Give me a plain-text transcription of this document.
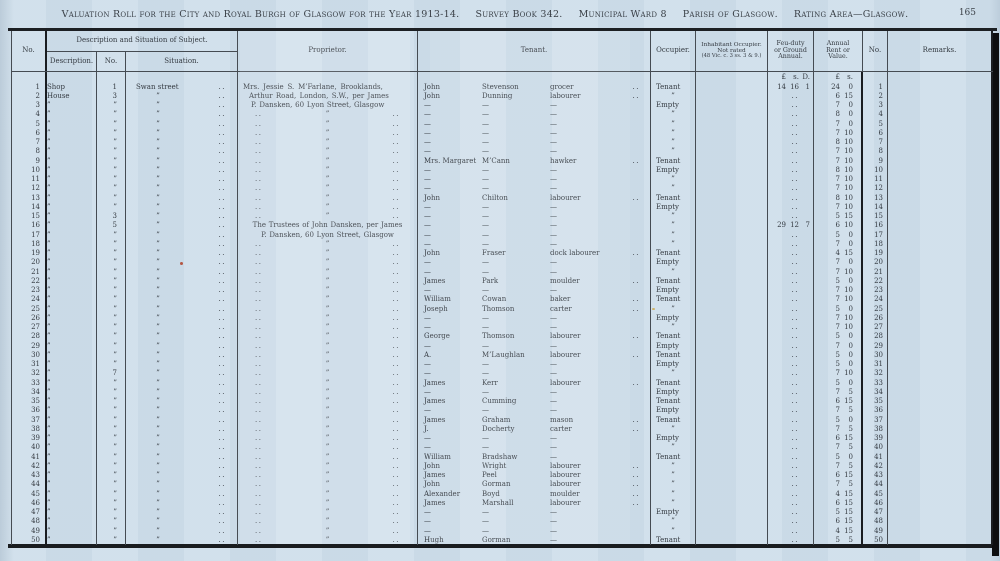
Valuation Roll for the City and Royal Burgh of Glasgow for the Year 1913-14. Survey Book 342. Municipal Ward 8 Parish of Glasgow. Rating Area—Glasgow.	165
No.
Description and Situation of Subject.
Description.	No.	Situation.
Proprietor.	Tenant.	Occupier.
Inhabitant Occupier.
Not rated
(48 Vic. c. 3 ss. 3 & 9.)
Feu-duty
or Ground
Annual.
Annual
Rent or
Value.
No.	Remarks.
£	s. D.	£	s.
1	Shop	1	Swan street	..	Mrs. Jessie S. M’Farlane, Brooklands,	John	Stevenson	grocer	..	Tenant	14 16 1	24	0	1
2	House	3	”	..	Arthur Road, London, S.W., per James	John	Dunning	labourer	..	”	..	6 15	2
3	”	”	”	..	P. Dansken, 60 Lyon Street, Glasgow	—	—	—	Empty	..	7	0	3
4	”	”	”	..	..	”	..	—	—	—	”	..	8	0	4
5	”	”	”	..	..	”	..	—	—	—	”	..	7	0	5
6	”	”	”	..	..	”	..	—	—	—	”	..	7 10	6
7	”	”	”	..	..	”	..	—	—	—	”	..	8 10	7
8	”	”	”	..	..	”	..	—	—	—	”	..	7 10	8
9	”	”	”	..	..	”	..	Mrs. Margaret M’Cann	hawker	..	Tenant	..	7 10	9
10	”	”	”	..	..	”	..	—	—	—	Empty	..	8 10	10
11	”	”	”	..	..	”	..	—	—	—	”	..	7 10	11
12	”	”	”	..	..	”	..	—	—	—	”	..	7 10	12
13	”	”	”	..	..	”	..	John	Chilton	labourer	..	Tenant	..	8 10	13
14	”	”	”	..	..	”	..	—	—	—	Empty	..	7 10	14
15	”	3	”	..	..	”	..	—	—	—	”	..	5 15	15
16	”	5	”	..	The Trustees of John Dansken, per James	—	—	—	”	29 12 7	6 10	16
17	”	”	”	..	P. Dansken, 60 Lyon Street, Glasgow	—	—	—	”	..	5	0	17
18	”	”	”	..	..	”	..	—	—	—	”	..	7	0	18
19	”	”	”	..	..	”	..	John	Fraser	dock labourer	..	Tenant	..	4 15	19
20	”	”	”	..	..	”	..	—	—	—	Empty	..	7	0	20
21	”	”	”	..	..	”	..	—	—	—	”	..	7 10	21
22	”	”	”	..	..	”	..	James	Park	moulder	..	Tenant	..	5	0	22
23	”	”	”	..	..	”	..	—	—	—	Empty	..	7 10	23
24	”	”	”	..	..	”	..	William	Cowan	baker	..	Tenant	..	7 10	24
25	”	”	”	..	..	”	..	Joseph	Thomson	carter	..	”	..	5	0	25
26	”	”	”	..	..	”	..	—	—	—	Empty	..	7 10	26
27	”	”	”	..	..	”	..	—	—	—	”	..	7 10	27
28	”	”	”	..	..	”	..	George	Thomson	labourer	..	Tenant	..	5	0	28
29	”	”	”	..	..	”	..	—	—	—	Empty	..	7	0	29
30	”	”	”	..	..	”	..	A.	M’Laughlan	labourer	..	Tenant	..	5	0	30
31	”	”	”	..	..	”	..	—	—	—	Empty	..	5	0	31
32	”	7	”	..	..	”	..	—	—	—	”	..	7 10	32
33	”	”	”	..	..	”	..	James	Kerr	labourer	..	Tenant	..	5	0	33
34	”	”	”	..	..	”	..	—	—	—	Empty	..	7	5	34
35	”	”	”	..	..	”	..	James	Cumming	—	Tenant	..	6 15	35
36	”	”	”	..	..	”	..	—	—	—	Empty	..	7	5	36
37	”	”	”	..	..	”	..	James	Graham	mason	..	Tenant	..	5	0	37
38	”	”	”	..	..	”	..	J.	Docherty	carter	..	”	..	7	5	38
39	”	”	”	..	..	”	..	—	—	—	Empty	..	6 15	39
40	”	”	”	..	..	”	..	—	—	—	”	..	7	5	40
41	”	”	”	..	..	”	..	William	Bradshaw	—	Tenant	..	5	0	41
42	”	”	”	..	..	”	..	John	Wright	labourer	..	”	..	7	5	42
43	”	”	”	..	..	”	..	James	Peel	labourer	..	”	..	6 15	43
44	”	”	”	..	..	”	..	John	Gorman	labourer	..	”	..	7	5	44
45	”	”	”	..	..	”	..	Alexander	Boyd	moulder	..	”	..	4 15	45
46	”	”	”	..	..	”	..	James	Marshall	labourer	..	”	..	6 15	46
47	”	”	”	..	..	”	..	—	—	—	Empty	..	5 15	47
48	”	”	”	..	..	”	..	—	—	—	”	..	6 15	48
49	”	”	”	..	..	”	..	—	—	—	”	..	4 15	49
50	”	”	”	..	..	”	..	Hugh	Gorman	—	Tenant	..	5	5	50
